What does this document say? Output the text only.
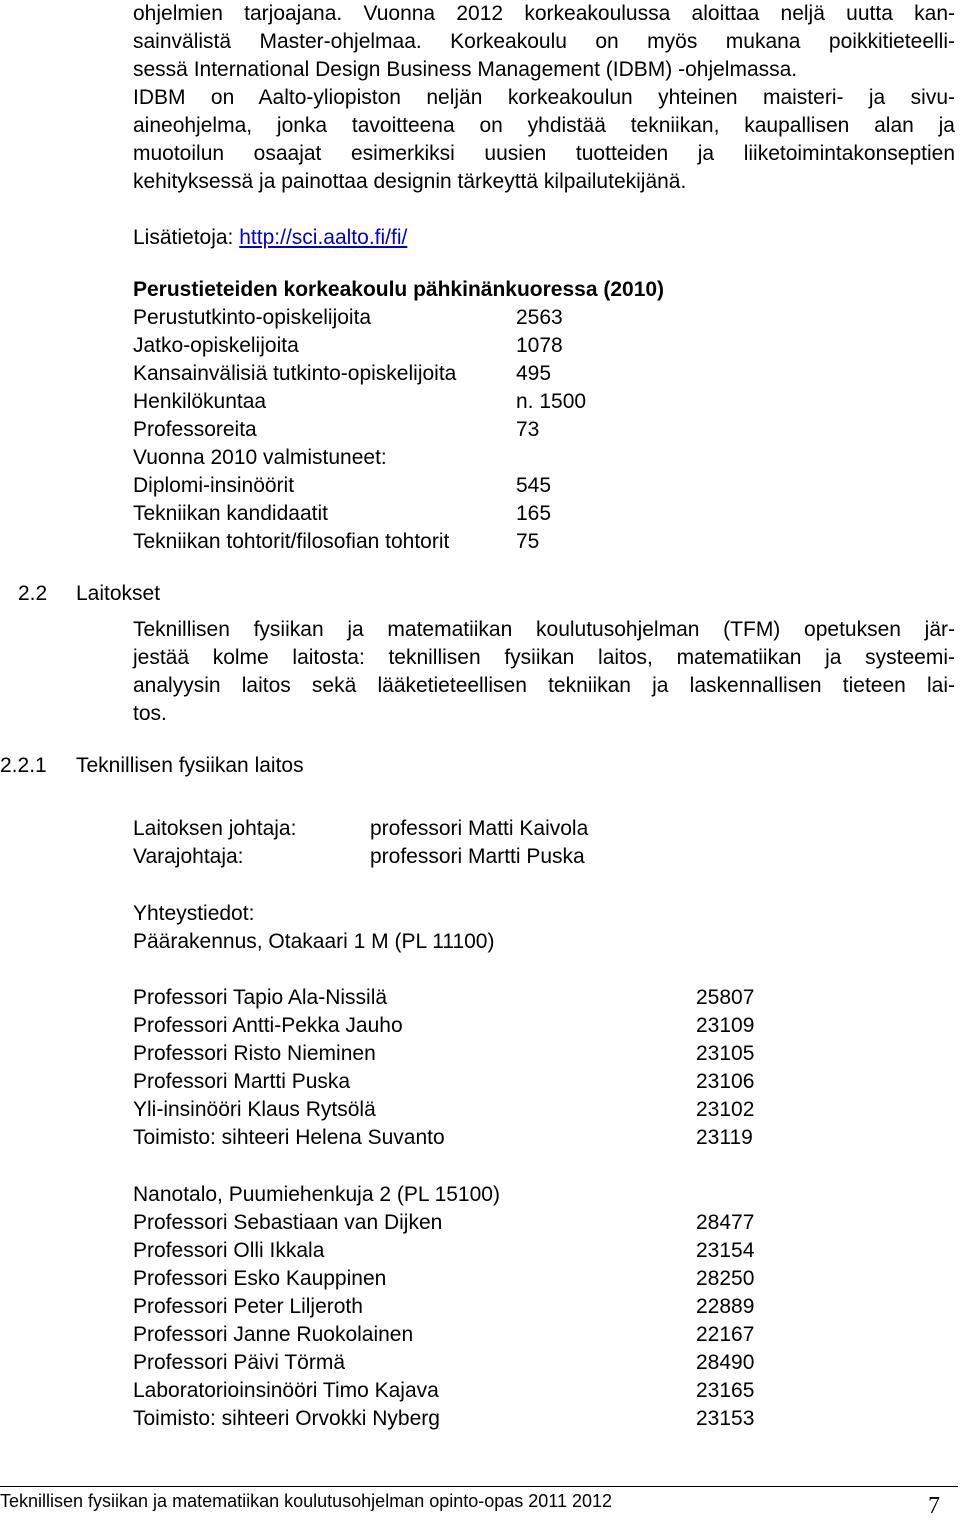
ohjelmien tarjoajana. Vuonna 2012 korkeakoulussa aloittaa neljä uutta kan-
sainvälistä Master-ohjelmaa. Korkeakoulu on myös mukana poikkitieteelli-
sessä International Design Business Management (IDBM) -ohjelmassa.
IDBM on Aalto-yliopiston neljän korkeakoulun yhteinen maisteri- ja sivu-
aineohjelma, jonka tavoitteena on yhdistää tekniikan, kaupallisen alan ja
muotoilun osaajat esimerkiksi uusien tuotteiden ja liiketoimintakonseptien
kehityksessä ja painottaa designin tärkeyttä kilpailutekijänä.
Lisätietoja: http://sci.aalto.fi/fi/
Perustieteiden korkeakoulu pähkinänkuoressa (2010)
Perustutkinto-opiskelijoita	2563
Jatko-opiskelijoita	1078
Kansainvälisiä tutkinto-opiskelijoita	495
Henkilökuntaa	n. 1500
Professoreita	73
Vuonna 2010 valmistuneet:
Diplomi-insinöörit	545
Tekniikan kandidaatit	165
Tekniikan tohtorit/filosofian tohtorit	75
2.2 Laitokset
Teknillisen fysiikan ja matematiikan koulutusohjelman (TFM) opetuksen jär-
jestää kolme laitosta: teknillisen fysiikan laitos, matematiikan ja systeemi-
analyysin laitos sekä lääketieteellisen tekniikan ja laskennallisen tieteen lai-
tos.
2.2.1 Teknillisen fysiikan laitos
Laitoksen johtaja:	professori Matti Kaivola
Varajohtaja:	professori Martti Puska
Yhteystiedot:
Päärakennus, Otakaari 1 M (PL 11100)
Professori Tapio Ala-Nissilä	25807
Professori Antti-Pekka Jauho	23109
Professori Risto Nieminen	23105
Professori Martti Puska	23106
Yli-insinööri Klaus Rytsölä	23102
Toimisto: sihteeri Helena Suvanto	23119
Nanotalo, Puumiehenkuja 2 (PL 15100)
Professori Sebastiaan van Dijken	28477
Professori Olli Ikkala	23154
Professori Esko Kauppinen	28250
Professori Peter Liljeroth	22889
Professori Janne Ruokolainen	22167
Professori Päivi Törmä	28490
Laboratorioinsinööri Timo Kajava	23165
Toimisto: sihteeri Orvokki Nyberg	23153
Teknillisen fysiikan ja matematiikan koulutusohjelman opinto-opas 2011 2012	7
